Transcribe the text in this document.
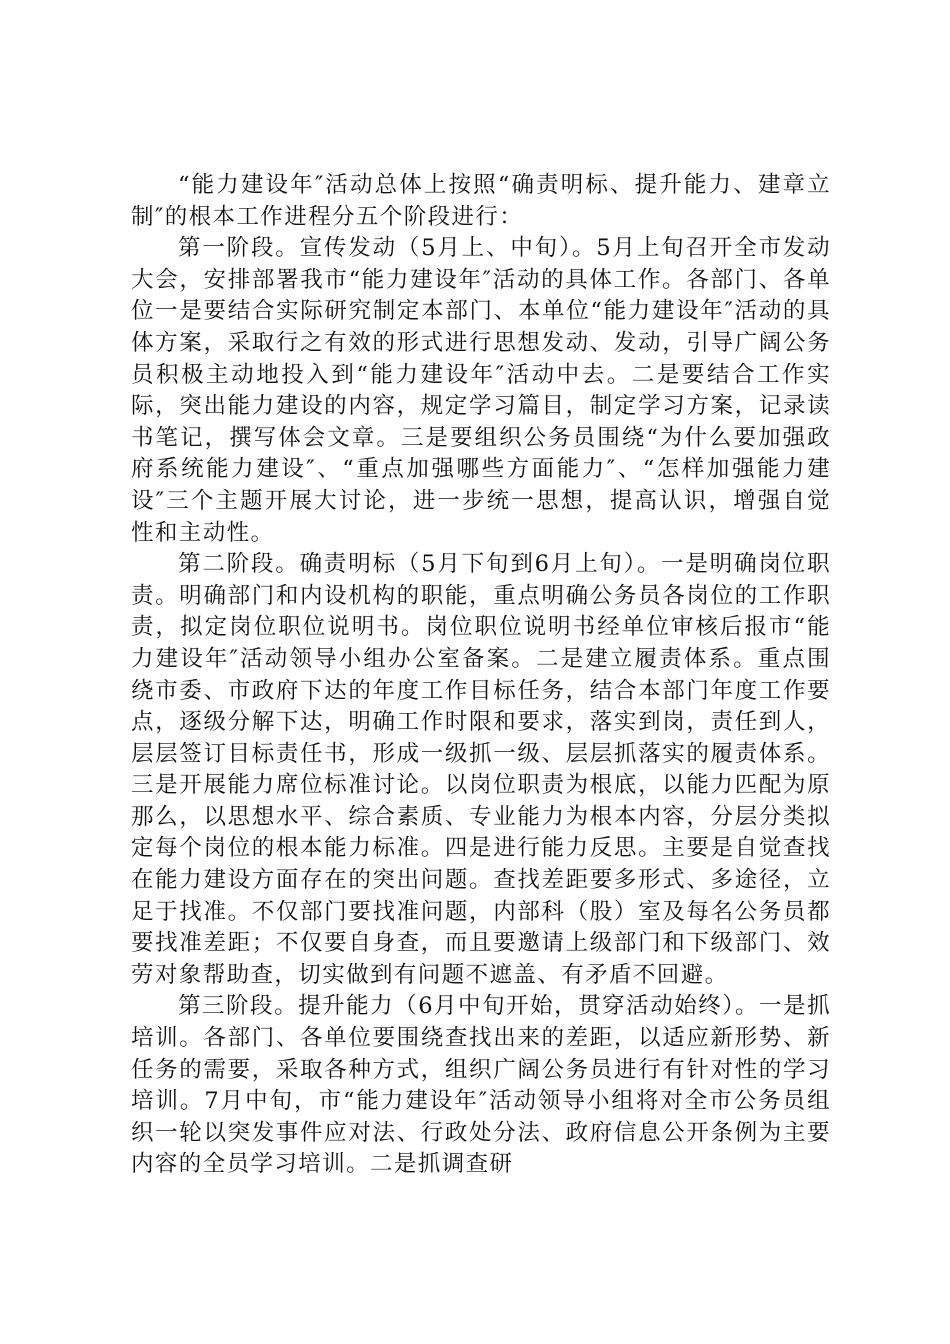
“能力建设年″活动总体上按照“确责明标、提升能力、建章立制″的根本工作进程分五个阶段进行：

第一阶段。宣传发动（5月上、中旬）。5月上旬召开全市发动大会，安排部署我市“能力建设年″活动的具体工作。各部门、各单位一是要结合实际研究制定本部门、本单位“能力建设年″活动的具体方案，采取行之有效的形式进行思想发动、发动，引导广阔公务员积极主动地投入到“能力建设年″活动中去。二是要结合工作实际，突出能力建设的内容，规定学习篇目，制定学习方案，记录读书笔记，撰写体会文章。三是要组织公务员围绕“为什么要加强政府系统能力建设″、“重点加强哪些方面能力″、“怎样加强能力建设″三个主题开展大讨论，进一步统一思想，提高认识，增强自觉性和主动性。

第二阶段。确责明标（5月下旬到6月上旬）。一是明确岗位职责。明确部门和内设机构的职能，重点明确公务员各岗位的工作职责，拟定岗位职位说明书。岗位职位说明书经单位审核后报市“能力建设年″活动领导小组办公室备案。二是建立履责体系。重点围绕市委、市政府下达的年度工作目标任务，结合本部门年度工作要点，逐级分解下达，明确工作时限和要求，落实到岗，责任到人，层层签订目标责任书，形成一级抓一级、层层抓落实的履责体系。三是开展能力席位标准讨论。以岗位职责为根底，以能力匹配为原那么，以思想水平、综合素质、专业能力为根本内容，分层分类拟定每个岗位的根本能力标准。四是进行能力反思。主要是自觉查找在能力建设方面存在的突出问题。查找差距要多形式、多途径，立足于找准。不仅部门要找准问题，内部科（股）室及每名公务员都要找准差距；不仅要自身查，而且要邀请上级部门和下级部门、效劳对象帮助查，切实做到有问题不遮盖、有矛盾不回避。

第三阶段。提升能力（6月中旬开始，贯穿活动始终）。一是抓培训。各部门、各单位要围绕查找出来的差距，以适应新形势、新任务的需要，采取各种方式，组织广阔公务员进行有针对性的学习培训。7月中旬，市“能力建设年″活动领导小组将对全市公务员组织一轮以突发事件应对法、行政处分法、政府信息公开条例为主要内容的全员学习培训。二是抓调查研
